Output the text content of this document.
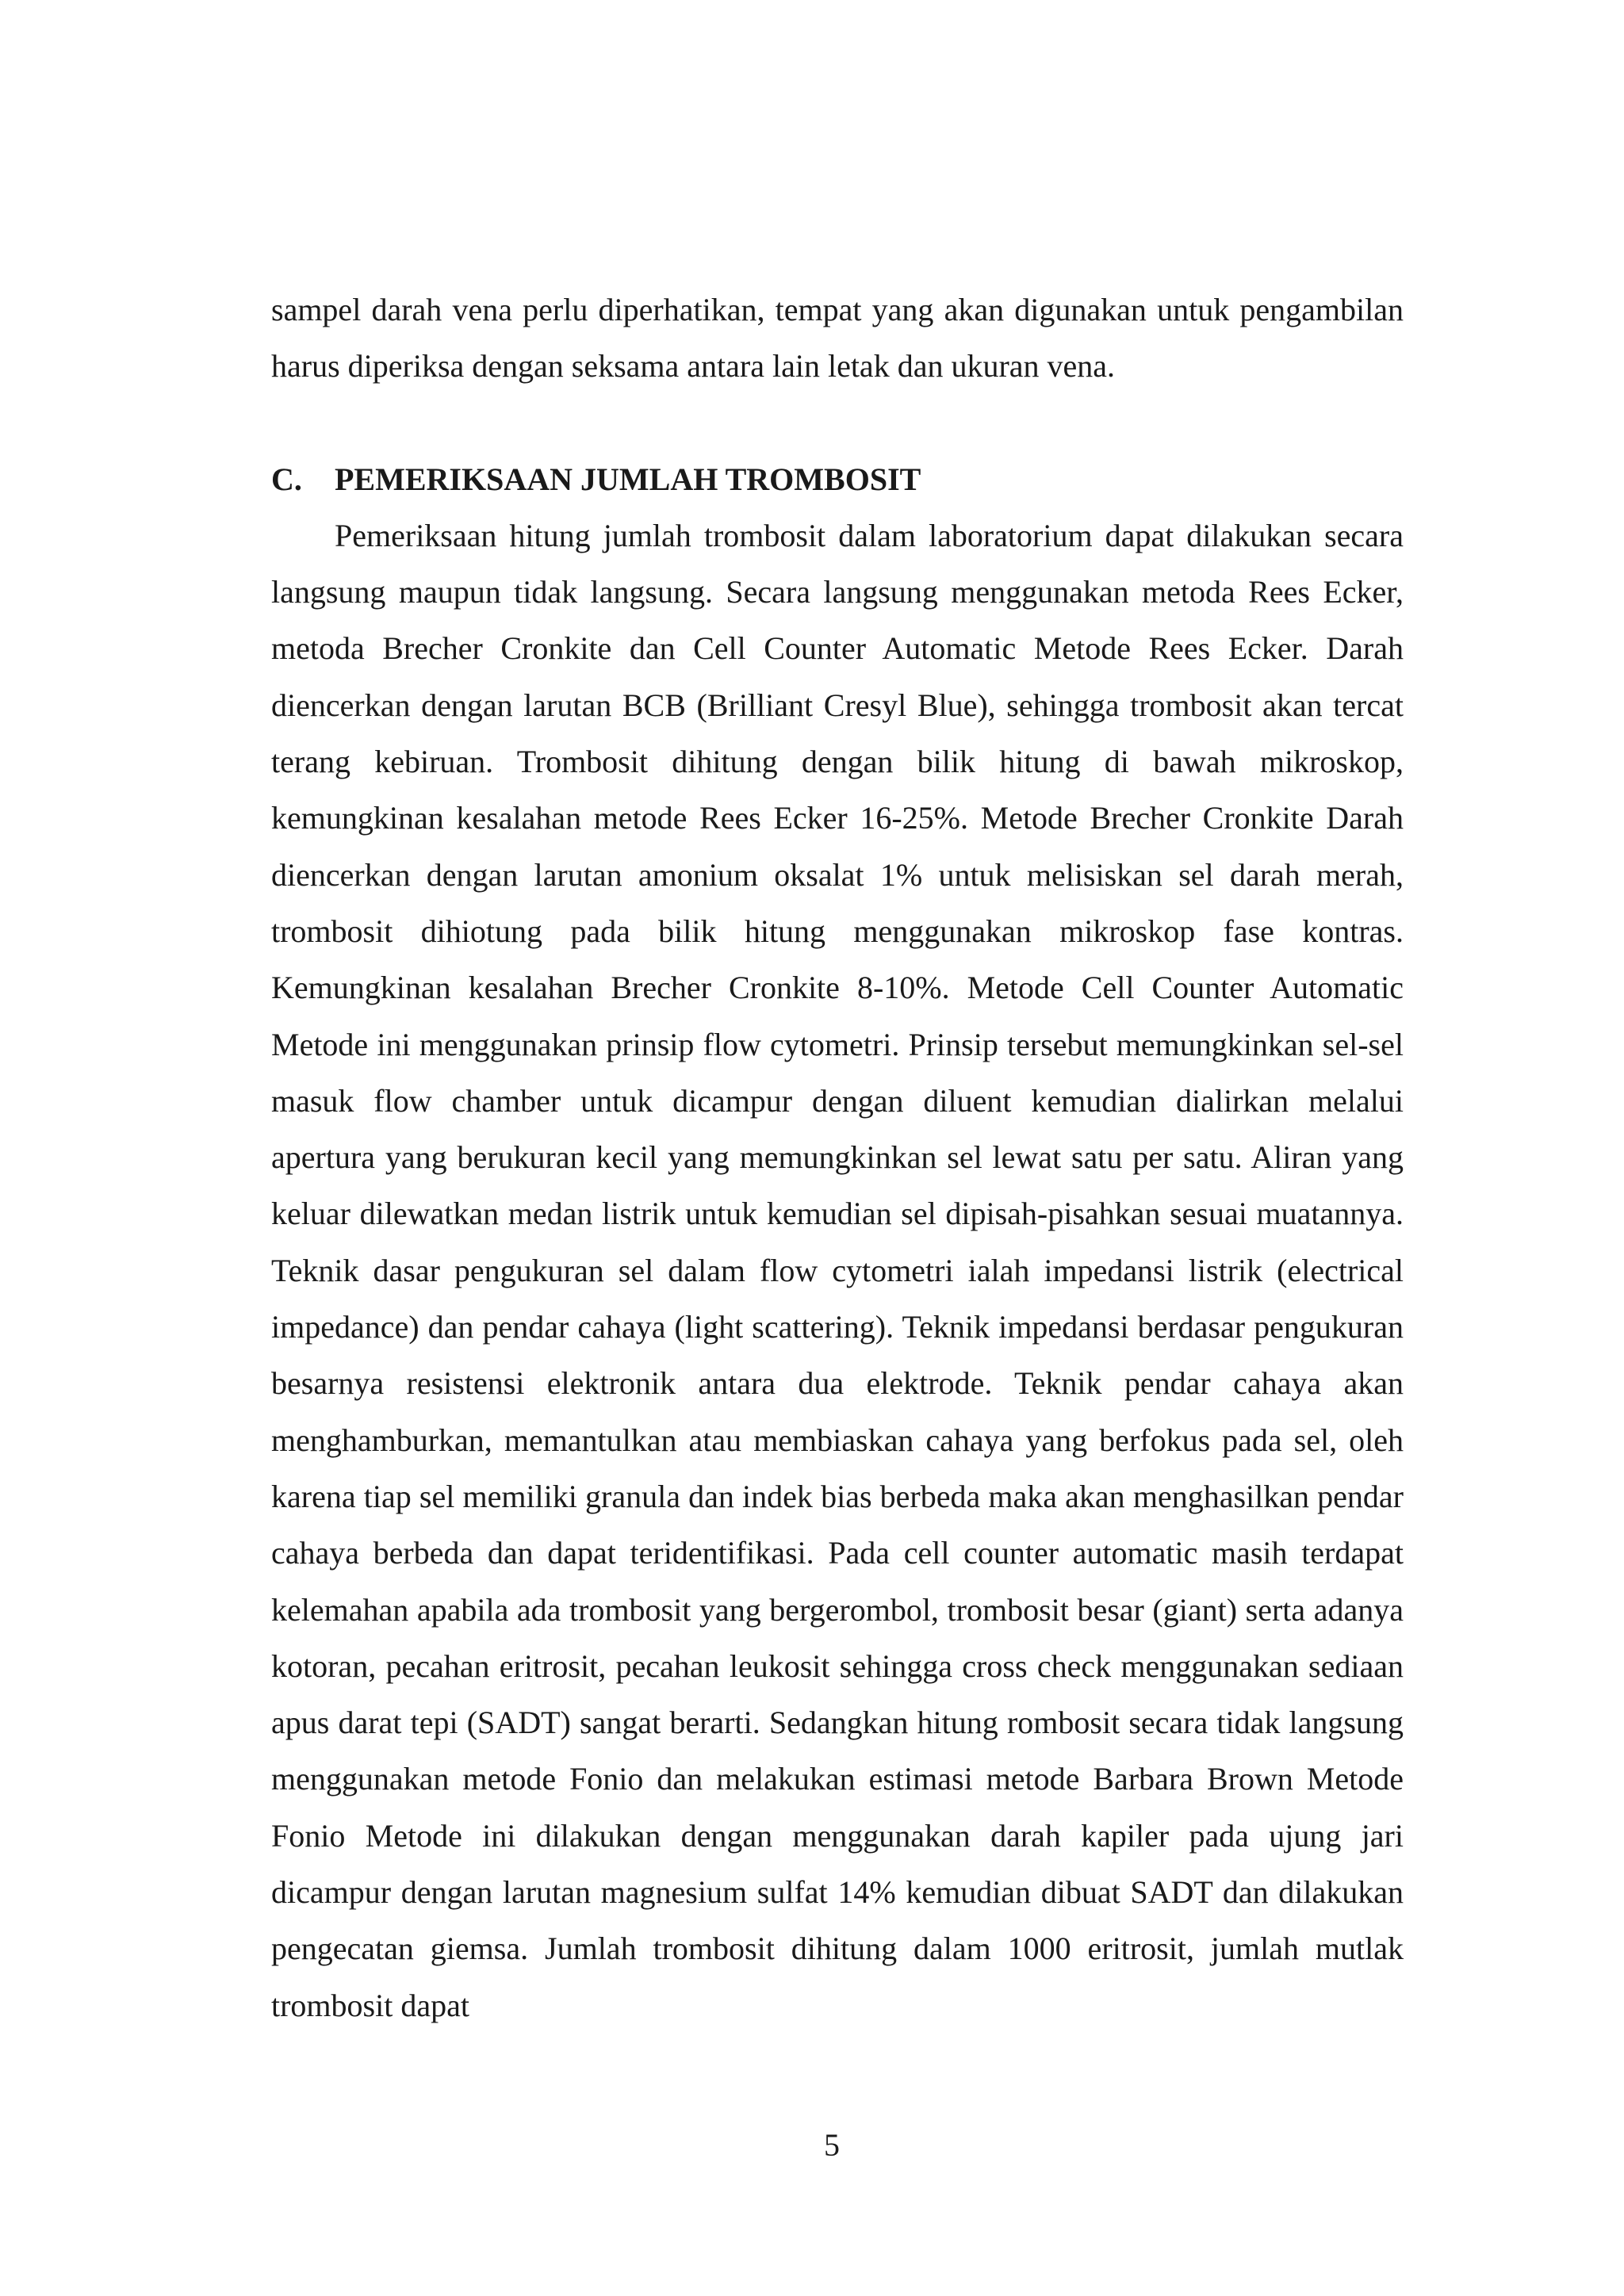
sampel darah vena perlu diperhatikan, tempat yang akan digunakan untuk pengambilan harus diperiksa dengan seksama antara lain letak dan ukuran vena.

C. PEMERIKSAAN JUMLAH TROMBOSIT

Pemeriksaan hitung jumlah trombosit dalam laboratorium dapat dilakukan secara langsung maupun tidak langsung. Secara langsung menggunakan metoda Rees Ecker, metoda Brecher Cronkite dan Cell Counter Automatic Metode Rees Ecker. Darah diencerkan dengan larutan BCB (Brilliant Cresyl Blue), sehingga trombosit akan tercat terang kebiruan. Trombosit dihitung dengan bilik hitung di bawah mikroskop, kemungkinan kesalahan metode Rees Ecker 16-25%. Metode Brecher Cronkite Darah diencerkan dengan larutan amonium oksalat 1% untuk melisiskan sel darah merah, trombosit dihiotung pada bilik hitung menggunakan mikroskop fase kontras. Kemungkinan kesalahan Brecher Cronkite 8-10%. Metode Cell Counter Automatic Metode ini menggunakan prinsip flow cytometri. Prinsip tersebut memungkinkan sel-sel masuk flow chamber untuk dicampur dengan diluent kemudian dialirkan melalui apertura yang berukuran kecil yang memungkinkan sel lewat satu per satu. Aliran yang keluar dilewatkan medan listrik untuk kemudian sel dipisah-pisahkan sesuai muatannya. Teknik dasar pengukuran sel dalam flow cytometri ialah impedansi listrik (electrical impedance) dan pendar cahaya (light scattering). Teknik impedansi berdasar pengukuran besarnya resistensi elektronik antara dua elektrode. Teknik pendar cahaya akan menghamburkan, memantulkan atau membiaskan cahaya yang berfokus pada sel, oleh karena tiap sel memiliki granula dan indek bias berbeda maka akan menghasilkan pendar cahaya berbeda dan dapat teridentifikasi. Pada cell counter automatic masih terdapat kelemahan apabila ada trombosit yang bergerombol, trombosit besar (giant) serta adanya kotoran, pecahan eritrosit, pecahan leukosit sehingga cross check menggunakan sediaan apus darat tepi (SADT) sangat berarti. Sedangkan hitung rombosit secara tidak langsung menggunakan metode Fonio dan melakukan estimasi metode Barbara Brown Metode Fonio Metode ini dilakukan dengan menggunakan darah kapiler pada ujung jari dicampur dengan larutan magnesium sulfat 14% kemudian dibuat SADT dan dilakukan pengecatan giemsa. Jumlah trombosit dihitung dalam 1000 eritrosit, jumlah mutlak trombosit dapat

5
